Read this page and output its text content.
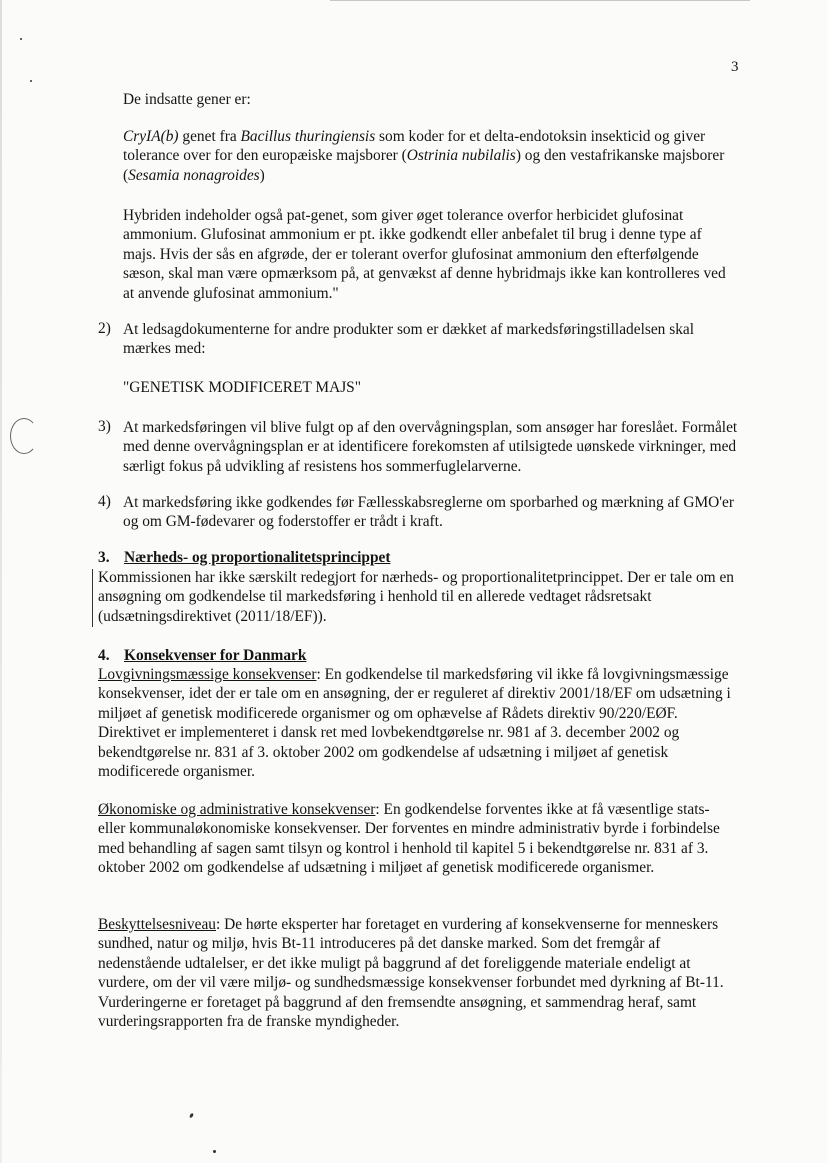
3

De indsatte gener er:

CryIA(b) genet fra Bacillus thuringiensis som koder for et delta-endotoksin insekticid og giver tolerance over for den europæiske majsborer (Ostrinia nubilalis) og den vestafrikanske majsborer (Sesamia nonagroides)

Hybriden indeholder også pat-genet, som giver øget tolerance overfor herbicidet glufosinat ammonium. Glufosinat ammonium er pt. ikke godkendt eller anbefalet til brug i denne type af majs. Hvis der sås en afgrøde, der er tolerant overfor glufosinat ammonium den efterfølgende sæson, skal man være opmærksom på, at genvækst af denne hybridmajs ikke kan kontrolleres ved at anvende glufosinat ammonium."

2) At ledsagdokumenterne for andre produkter som er dækket af markedsføringstilladelsen skal mærkes med:

"GENETISK MODIFICERET MAJS"

3) At markedsføringen vil blive fulgt op af den overvågningsplan, som ansøger har foreslået. Formålet med denne overvågningsplan er at identificere forekomsten af utilsigtede uønskede virkninger, med særligt fokus på udvikling af resistens hos sommerfuglelarverne.

4) At markedsføring ikke godkendes før Fællesskabsreglerne om sporbarhed og mærkning af GMO'er og om GM-fødevarer og foderstoffer er trådt i kraft.

3. Nærheds- og proportionalitetsprincippet

Kommissionen har ikke særskilt redegjort for nærheds- og proportionalitetprincippet. Der er tale om en ansøgning om godkendelse til markedsføring i henhold til en allerede vedtaget rådsretsakt (udsætningsdirektivet (2011/18/EF)).

4. Konsekvenser for Danmark

Lovgivningsmæssige konsekvenser: En godkendelse til markedsføring vil ikke få lovgivningsmæssige konsekvenser, idet der er tale om en ansøgning, der er reguleret af direktiv 2001/18/EF om udsætning i miljøet af genetisk modificerede organismer og om ophævelse af Rådets direktiv 90/220/EØF. Direktivet er implementeret i dansk ret med lovbekendtgørelse nr. 981 af 3. december 2002 og bekendtgørelse nr. 831 af 3. oktober 2002 om godkendelse af udsætning i miljøet af genetisk modificerede organismer.

Økonomiske og administrative konsekvenser: En godkendelse forventes ikke at få væsentlige stats- eller kommunaløkonomiske konsekvenser. Der forventes en mindre administrativ byrde i forbindelse med behandling af sagen samt tilsyn og kontrol i henhold til kapitel 5 i bekendtgørelse nr. 831 af 3. oktober 2002 om godkendelse af udsætning i miljøet af genetisk modificerede organismer.

Beskyttelsesniveau: De hørte eksperter har foretaget en vurdering af konsekvenserne for menneskers sundhed, natur og miljø, hvis Bt-11 introduceres på det danske marked. Som det fremgår af nedenstående udtalelser, er det ikke muligt på baggrund af det foreliggende materiale endeligt at vurdere, om der vil være miljø- og sundhedsmæssige konsekvenser forbundet med dyrkning af Bt-11. Vurderingerne er foretaget på baggrund af den fremsendte ansøgning, et sammendrag heraf, samt vurderingsrapporten fra de franske myndigheder.
